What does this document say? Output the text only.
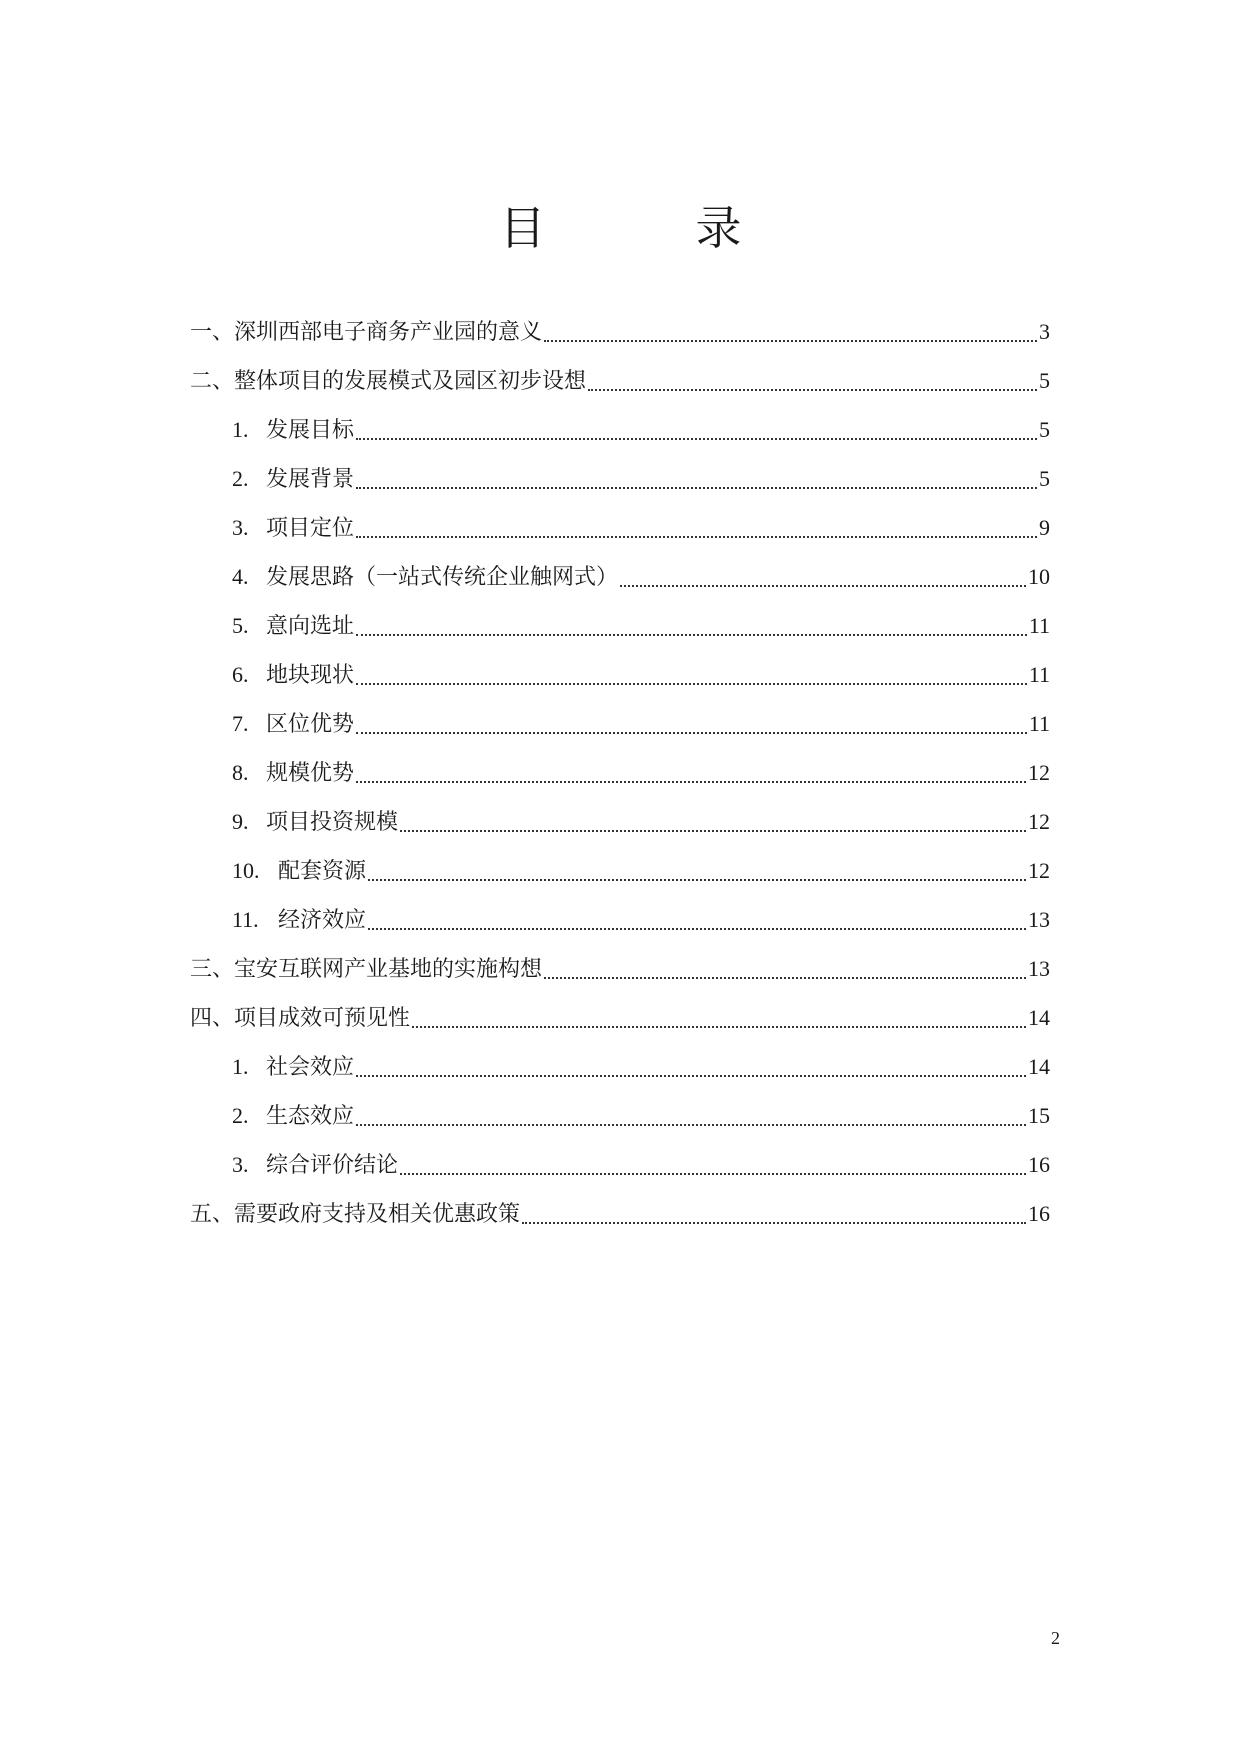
目　录
一、 深圳西部电子商务产业园的意义	3
二、 整体项目的发展模式及园区初步设想	5
1. 发展目标	5
2. 发展背景	5
3. 项目定位	9
4. 发展思路（一站式传统企业触网式）	10
5. 意向选址	11
6. 地块现状	11
7. 区位优势	11
8. 规模优势	12
9. 项目投资规模	12
10. 配套资源	12
11. 经济效应	13
三、 宝安互联网产业基地的实施构想	13
四、 项目成效可预见性	14
1. 社会效应	14
2. 生态效应	15
3. 综合评价结论	16
五、 需要政府支持及相关优惠政策	16
2
